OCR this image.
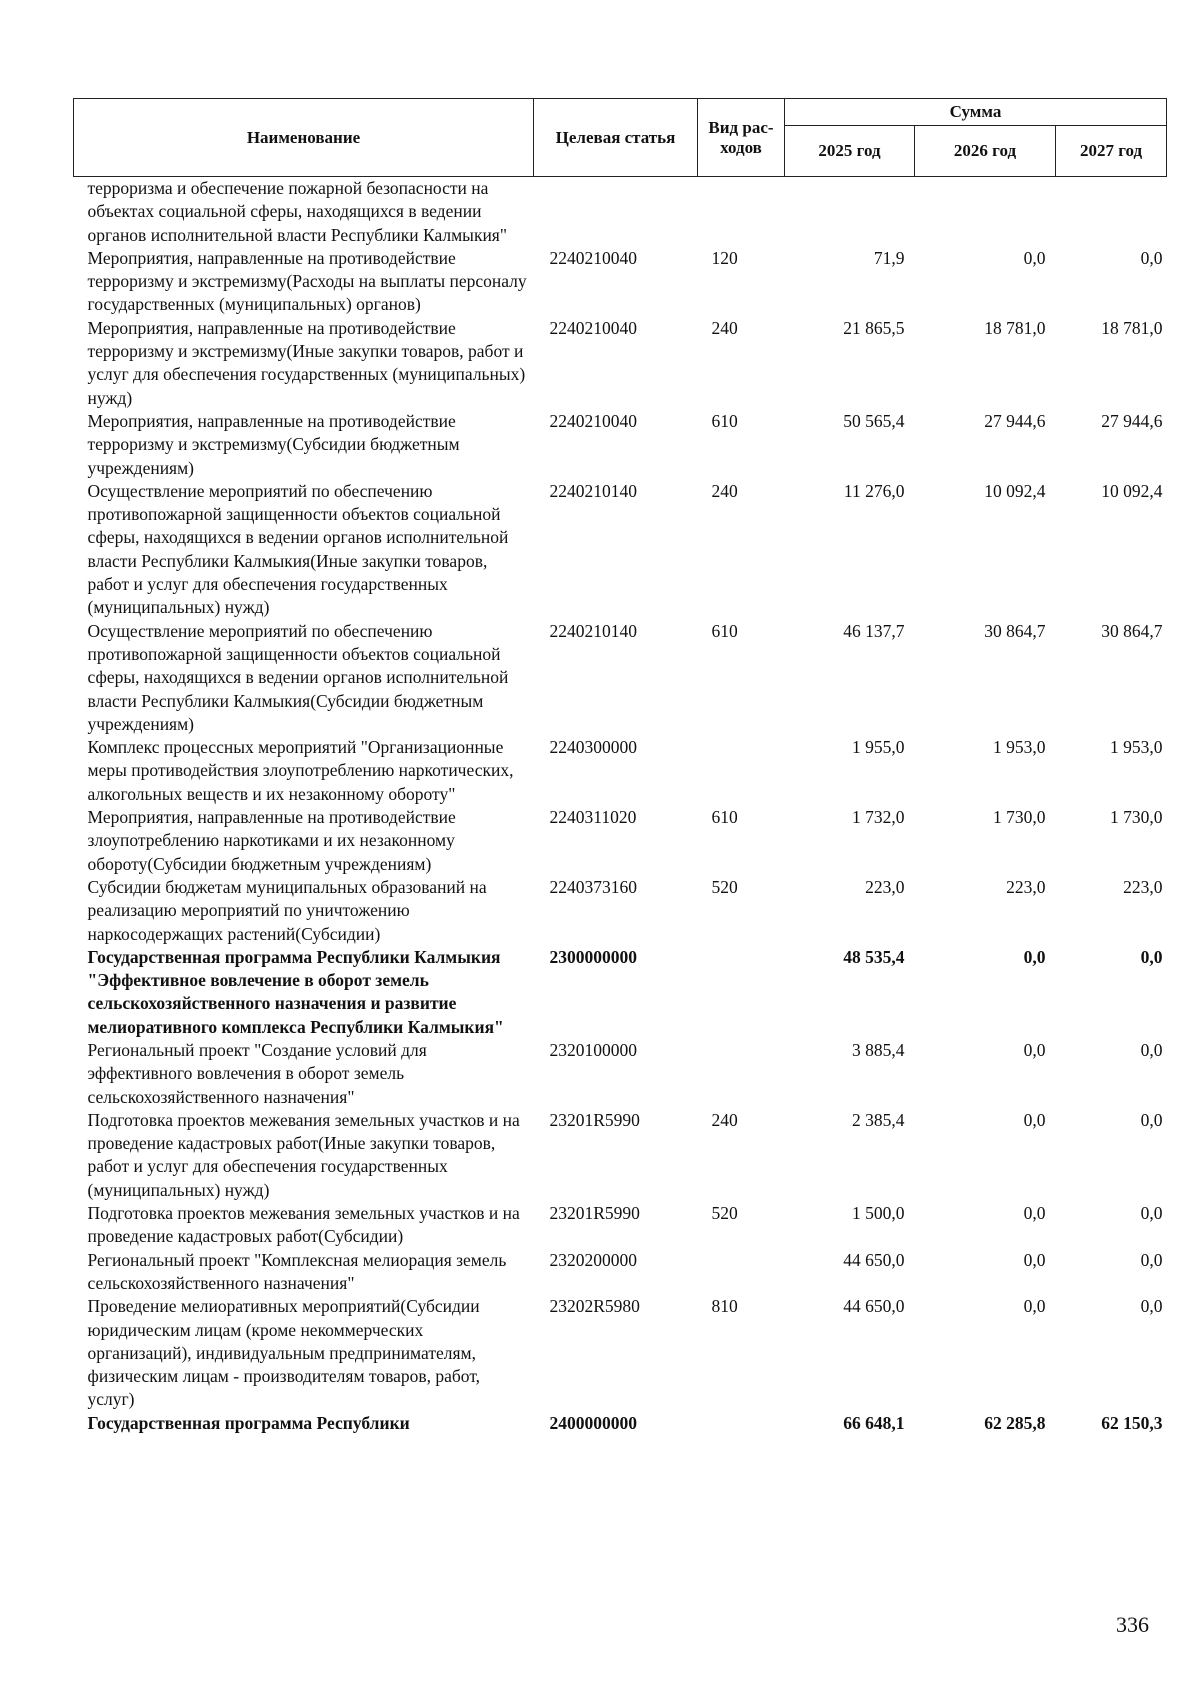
Наименование	Целевая статья	Вид рас-ходов	Сумма		
			2025 год	2026 год	2027 год
терроризма и обеспечение пожарной безопасности на объектах социальной сферы, находящихся в ведении органов исполнительной власти Республики Калмыкия"					
Мероприятия, направленные на противодействие терроризму и экстремизму(Расходы на выплаты персоналу государственных (муниципальных) органов)	2240210040	120	71,9	0,0	0,0
Мероприятия, направленные на противодействие терроризму и экстремизму(Иные закупки товаров, работ и услуг для обеспечения государственных (муниципальных) нужд)	2240210040	240	21 865,5	18 781,0	18 781,0
Мероприятия, направленные на противодействие терроризму и экстремизму(Субсидии бюджетным учреждениям)	2240210040	610	50 565,4	27 944,6	27 944,6
Осуществление мероприятий по обеспечению противопожарной защищенности объектов социальной сферы, находящихся в ведении органов исполнительной власти Республики Калмыкия(Иные закупки товаров, работ и услуг для обеспечения государственных (муниципальных) нужд)	2240210140	240	11 276,0	10 092,4	10 092,4
Осуществление мероприятий по обеспечению противопожарной защищенности объектов социальной сферы, находящихся в ведении органов исполнительной власти Республики Калмыкия(Субсидии бюджетным учреждениям)	2240210140	610	46 137,7	30 864,7	30 864,7
Комплекс процессных мероприятий "Организационные меры противодействия злоупотреблению наркотических, алкогольных веществ и их незаконному обороту"	2240300000		1 955,0	1 953,0	1 953,0
Мероприятия, направленные на противодействие злоупотреблению наркотиками и их незаконному обороту(Субсидии бюджетным учреждениям)	2240311020	610	1 732,0	1 730,0	1 730,0
Субсидии бюджетам муниципальных образований на реализацию мероприятий по уничтожению наркосодержащих растений(Субсидии)	2240373160	520	223,0	223,0	223,0
Государственная программа Республики Калмыкия "Эффективное вовлечение в оборот земель сельскохозяйственного назначения и развитие мелиоративного комплекса Республики Калмыкия"	2300000000		48 535,4	0,0	0,0
Региональный проект "Создание условий для эффективного вовлечения в оборот земель сельскохозяйственного назначения"	2320100000		3 885,4	0,0	0,0
Подготовка проектов межевания земельных участков и на проведение кадастровых работ(Иные закупки товаров, работ и услуг для обеспечения государственных (муниципальных) нужд)	23201R5990	240	2 385,4	0,0	0,0
Подготовка проектов межевания земельных участков и на проведение кадастровых работ(Субсидии)	23201R5990	520	1 500,0	0,0	0,0
Региональный проект "Комплексная мелиорация земель сельскохозяйственного назначения"	2320200000		44 650,0	0,0	0,0
Проведение мелиоративных мероприятий(Субсидии юридическим лицам (кроме некоммерческих организаций), индивидуальным предпринимателям, физическим лицам - производителям товаров, работ, услуг)	23202R5980	810	44 650,0	0,0	0,0
Государственная программа Республики	2400000000		66 648,1	62 285,8	62 150,3
336
